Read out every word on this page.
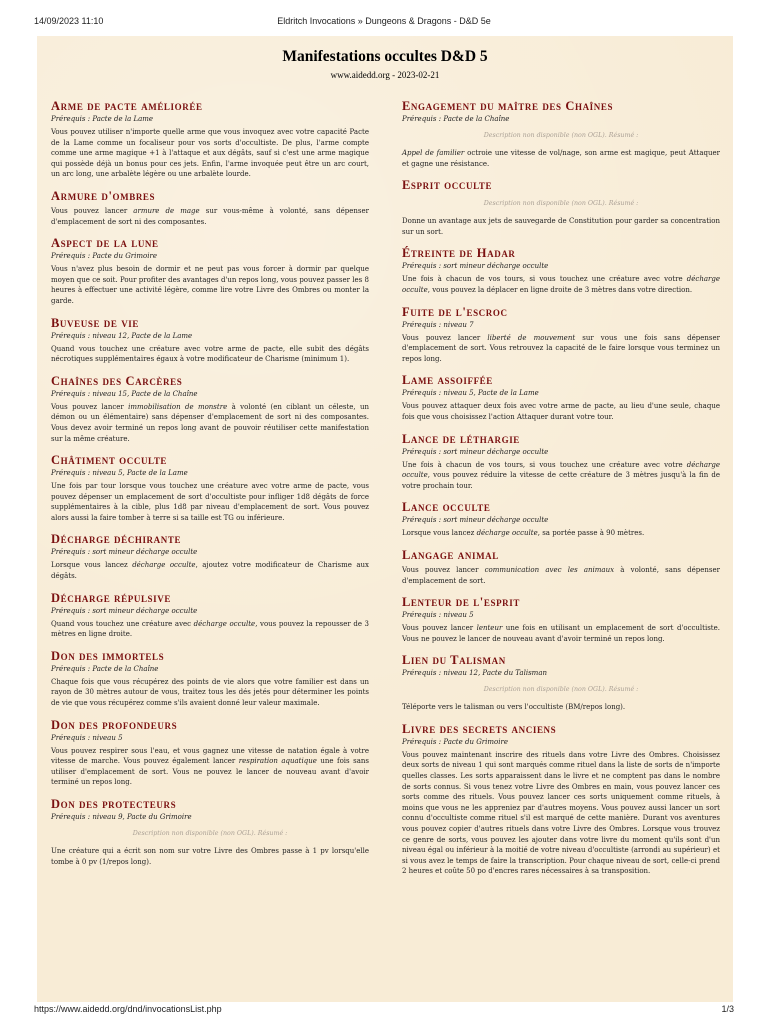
14/09/2023 11:10	Eldritch Invocations » Dungeons & Dragons - D&D 5e
Manifestations occultes D&D 5
www.aidedd.org - 2023-02-21
Arme de pacte améliorée
Prérequis : Pacte de la Lame
Vous pouvez utiliser n'importe quelle arme que vous invoquez avec votre capacité Pacte de la Lame comme un focaliseur pour vos sorts d'occultiste. De plus, l'arme compte comme une arme magique +1 à l'attaque et aux dégâts, sauf si c'est une arme magique qui possède déjà un bonus pour ces jets. Enfin, l'arme invoquée peut être un arc court, un arc long, une arbalète légère ou une arbalète lourde.
Armure d'ombres
Vous pouvez lancer armure de mage sur vous-même à volonté, sans dépenser d'emplacement de sort ni des composantes.
Aspect de la lune
Prérequis : Pacte du Grimoire
Vous n'avez plus besoin de dormir et ne peut pas vous forcer à dormir par quelque moyen que ce soit. Pour profiter des avantages d'un repos long, vous pouvez passer les 8 heures à effectuer une activité légère, comme lire votre Livre des Ombres ou monter la garde.
Buveuse de vie
Prérequis : niveau 12, Pacte de la Lame
Quand vous touchez une créature avec votre arme de pacte, elle subit des dégâts nécrotiques supplémentaires égaux à votre modificateur de Charisme (minimum 1).
Chaînes des Carcères
Prérequis : niveau 15, Pacte de la Chaîne
Vous pouvez lancer immobilisation de monstre à volonté (en ciblant un céleste, un démon ou un élémentaire) sans dépenser d'emplacement de sort ni des composantes. Vous devez avoir terminé un repos long avant de pouvoir réutiliser cette manifestation sur la même créature.
Châtiment occulte
Prérequis : niveau 5, Pacte de la Lame
Une fois par tour lorsque vous touchez une créature avec votre arme de pacte, vous pouvez dépenser un emplacement de sort d'occultiste pour infliger 1d8 dégâts de force supplémentaires à la cible, plus 1d8 par niveau d'emplacement de sort. Vous pouvez alors aussi la faire tomber à terre si sa taille est TG ou inférieure.
Décharge déchirante
Prérequis : sort mineur décharge occulte
Lorsque vous lancez décharge occulte, ajoutez votre modificateur de Charisme aux dégâts.
Décharge répulsive
Prérequis : sort mineur décharge occulte
Quand vous touchez une créature avec décharge occulte, vous pouvez la repousser de 3 mètres en ligne droite.
Don des immortels
Prérequis : Pacte de la Chaîne
Chaque fois que vous récupérez des points de vie alors que votre familier est dans un rayon de 30 mètres autour de vous, traitez tous les dés jetés pour déterminer les points de vie que vous récupérez comme s'ils avaient donné leur valeur maximale.
Don des profondeurs
Prérequis : niveau 5
Vous pouvez respirer sous l'eau, et vous gagnez une vitesse de natation égale à votre vitesse de marche. Vous pouvez également lancer respiration aquatique une fois sans utiliser d'emplacement de sort. Vous ne pouvez le lancer de nouveau avant d'avoir terminé un repos long.
Don des protecteurs
Prérequis : niveau 9, Pacte du Grimoire
Description non disponible (non OGL). Résumé :
Une créature qui a écrit son nom sur votre Livre des Ombres passe à 1 pv lorsqu'elle tombe à 0 pv (1/repos long).
Engagement du maître des Chaînes
Prérequis : Pacte de la Chaîne
Description non disponible (non OGL). Résumé :
Appel de familier octroie une vitesse de vol/nage, son arme est magique, peut Attaquer et gagne une résistance.
Esprit occulte
Description non disponible (non OGL). Résumé :
Donne un avantage aux jets de sauvegarde de Constitution pour garder sa concentration sur un sort.
Étreinte de Hadar
Prérequis : sort mineur décharge occulte
Une fois à chacun de vos tours, si vous touchez une créature avec votre décharge occulte, vous pouvez la déplacer en ligne droite de 3 mètres dans votre direction.
Fuite de l'escroc
Prérequis : niveau 7
Vous pouvez lancer liberté de mouvement sur vous une fois sans dépenser d'emplacement de sort. Vous retrouvez la capacité de le faire lorsque vous terminez un repos long.
Lame assoiffée
Prérequis : niveau 5, Pacte de la Lame
Vous pouvez attaquer deux fois avec votre arme de pacte, au lieu d'une seule, chaque fois que vous choisissez l'action Attaquer durant votre tour.
Lance de léthargie
Prérequis : sort mineur décharge occulte
Une fois à chacun de vos tours, si vous touchez une créature avec votre décharge occulte, vous pouvez réduire la vitesse de cette créature de 3 mètres jusqu'à la fin de votre prochain tour.
Lance occulte
Prérequis : sort mineur décharge occulte
Lorsque vous lancez décharge occulte, sa portée passe à 90 mètres.
Langage animal
Vous pouvez lancer communication avec les animaux à volonté, sans dépenser d'emplacement de sort.
Lenteur de l'esprit
Prérequis : niveau 5
Vous pouvez lancer lenteur une fois en utilisant un emplacement de sort d'occultiste. Vous ne pouvez le lancer de nouveau avant d'avoir terminé un repos long.
Lien du Talisman
Prérequis : niveau 12, Pacte du Talisman
Description non disponible (non OGL). Résumé :
Téléporte vers le talisman ou vers l'occultiste (BM/repos long).
Livre des secrets anciens
Prérequis : Pacte du Grimoire
Vous pouvez maintenant inscrire des rituels dans votre Livre des Ombres. Choisissez deux sorts de niveau 1 qui sont marqués comme rituel dans la liste de sorts de n'importe quelles classes. Les sorts apparaissent dans le livre et ne comptent pas dans le nombre de sorts connus. Si vous tenez votre Livre des Ombres en main, vous pouvez lancer ces sorts comme des rituels. Vous pouvez lancer ces sorts uniquement comme rituels, à moins que vous ne les appreniez par d'autres moyens. Vous pouvez aussi lancer un sort connu d'occultiste comme rituel s'il est marqué de cette manière. Durant vos aventures vous pouvez copier d'autres rituels dans votre Livre des Ombres. Lorsque vous trouvez ce genre de sorts, vous pouvez les ajouter dans votre livre du moment qu'ils sont d'un niveau égal ou inférieur à la moitié de votre niveau d'occultiste (arrondi au supérieur) et si vous avez le temps de faire la transcription. Pour chaque niveau de sort, celle-ci prend 2 heures et coûte 50 po d'encres rares nécessaires à sa transposition.
https://www.aidedd.org/dnd/invocationsList.php	1/3
